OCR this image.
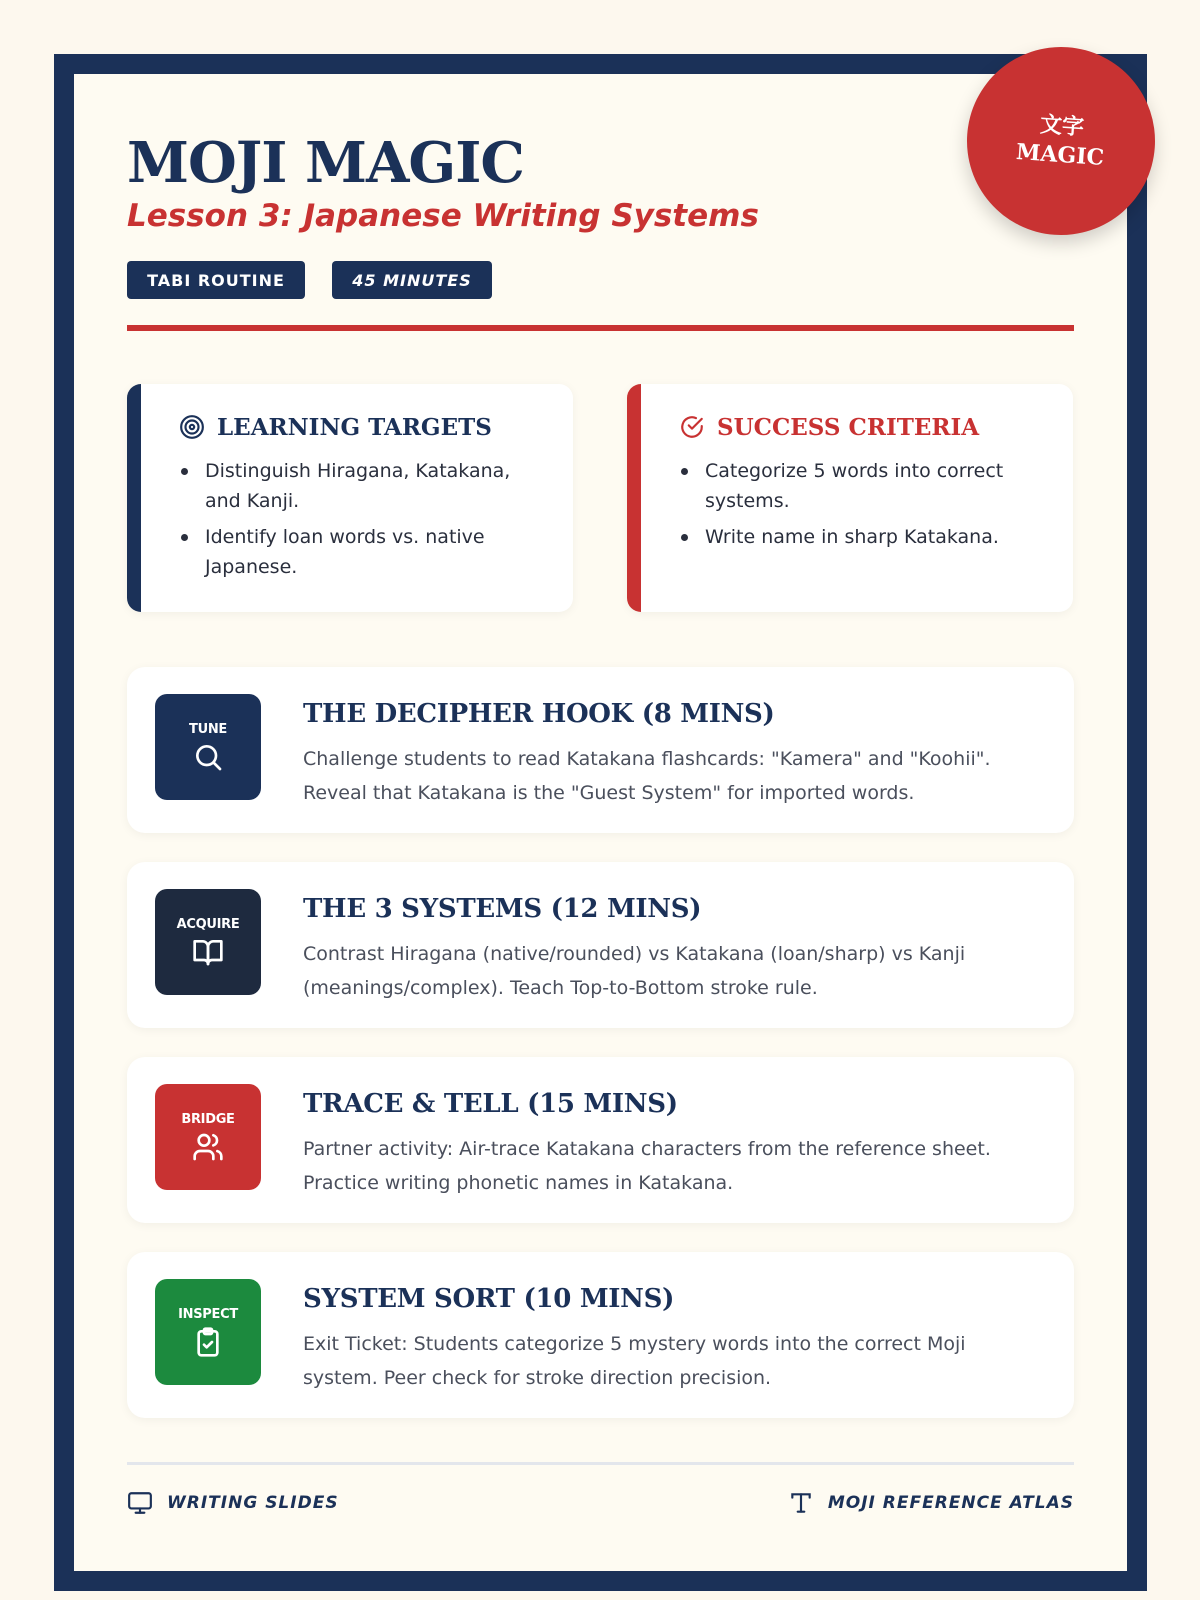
文字
MAGIC
MOJI MAGIC
Lesson 3: Japanese Writing Systems
TABI ROUTINE	45 MINUTES
LEARNING TARGETS
Distinguish Hiragana, Katakana, and Kanji.
Identify loan words vs. native Japanese.
SUCCESS CRITERIA
Categorize 5 words into correct systems.
Write name in sharp Katakana.
TUNE	THE DECIPHER HOOK (8 MINS)
Challenge students to read Katakana flashcards: "Kamera" and "Koohii". Reveal that Katakana is the "Guest System" for imported words.
ACQUIRE THE 3 SYSTEMS (12 MINS)
Contrast Hiragana (native/rounded) vs Katakana (loan/sharp) vs Kanji (meanings/complex). Teach Top-to-Bottom stroke rule.
BRIDGE	TRACE & TELL (15 MINS)
Partner activity: Air-trace Katakana characters from the reference sheet. Practice writing phonetic names in Katakana.
INSPECT	SYSTEM SORT (10 MINS)
Exit Ticket: Students categorize 5 mystery words into the correct Moji system. Peer check for stroke direction precision.
WRITING SLIDES	MOJI REFERENCE ATLAS
